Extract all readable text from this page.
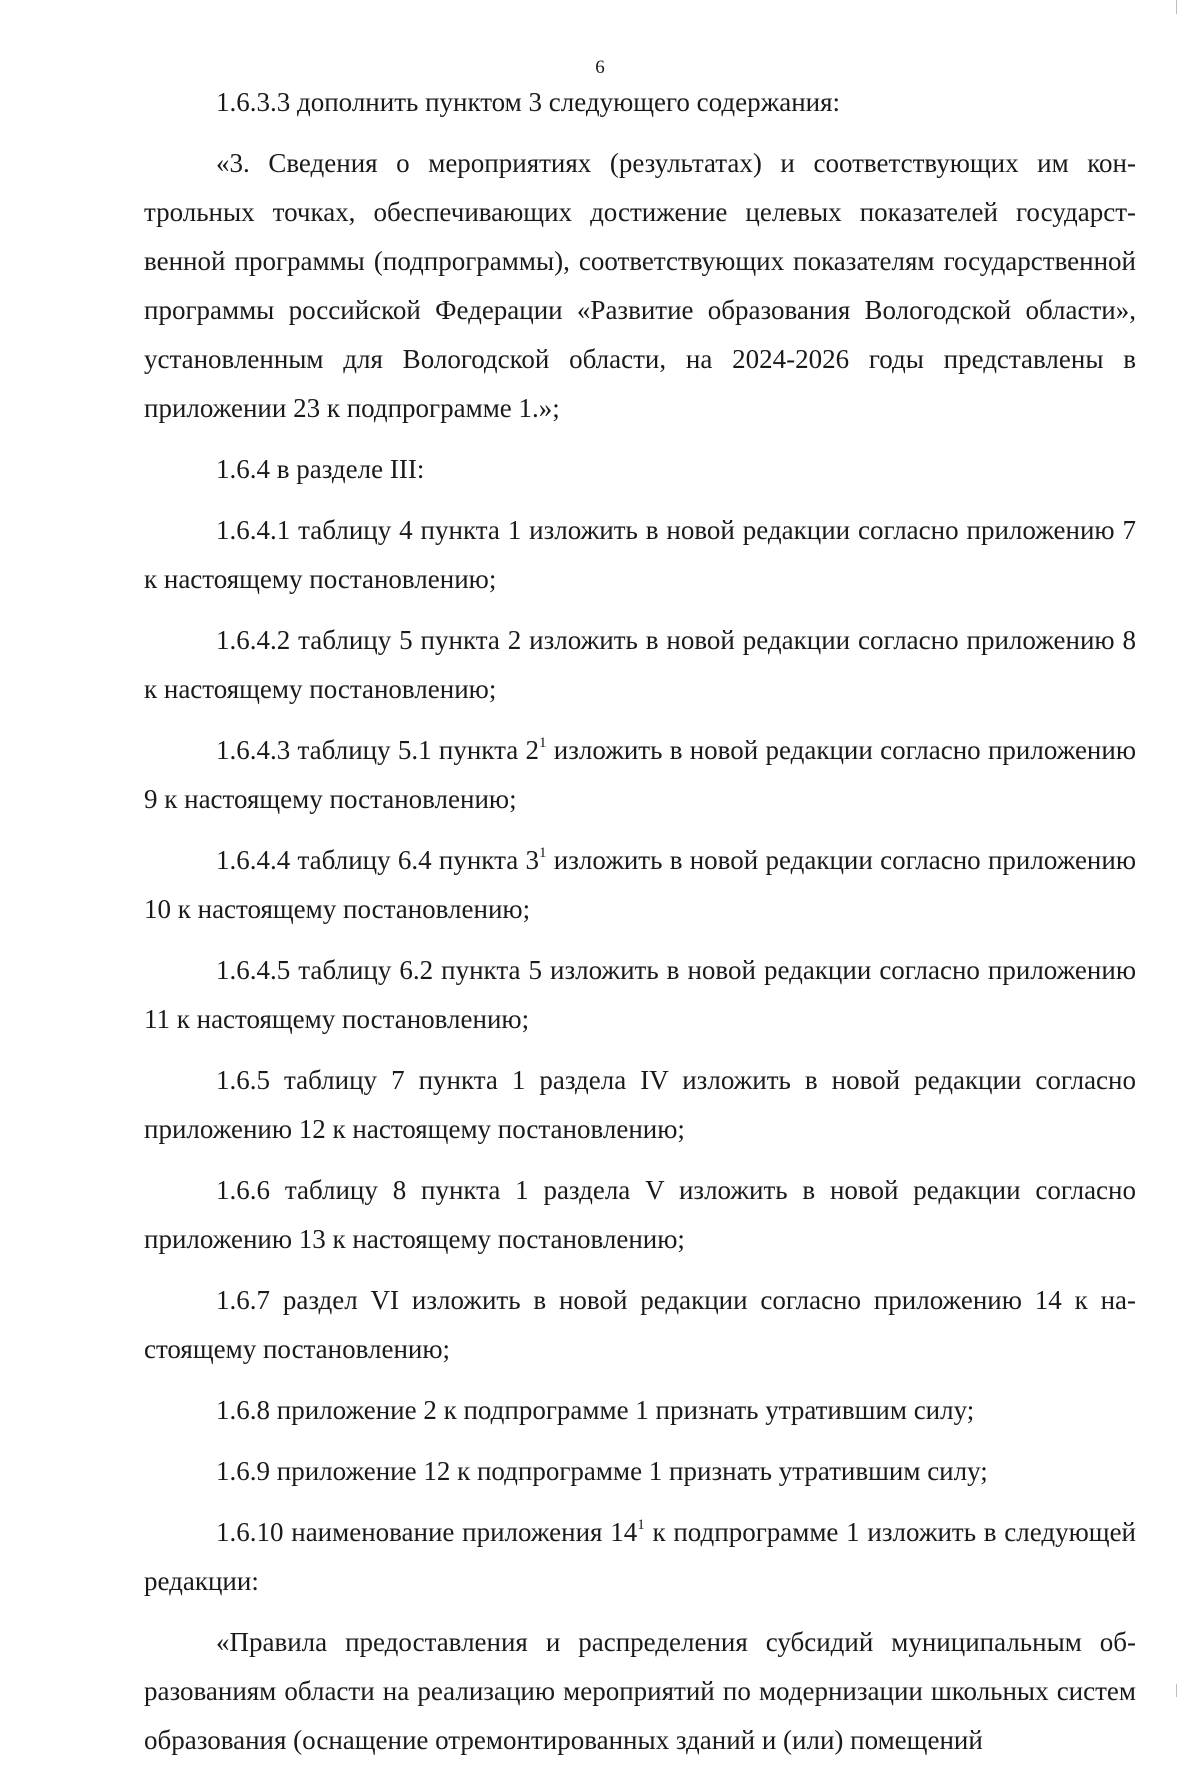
6

1.6.3.3 дополнить пунктом 3 следующего содержания:

«3. Сведения о мероприятиях (результатах) и соответствующих им контрольных точках, обеспечивающих достижение целевых показателей государственной программы (подпрограммы), соответствующих показателям государственной программы российской Федерации «Развитие образования Вологодской области», установленным для Вологодской области, на 2024-2026 годы представлены в приложении 23 к подпрограмме 1.»;

1.6.4 в разделе III:

1.6.4.1 таблицу 4 пункта 1 изложить в новой редакции согласно приложению 7 к настоящему постановлению;

1.6.4.2 таблицу 5 пункта 2 изложить в новой редакции согласно приложению 8 к настоящему постановлению;

1.6.4.3 таблицу 5.1 пункта $2^1$ изложить в новой редакции согласно приложению 9 к настоящему постановлению;

1.6.4.4 таблицу 6.4 пункта $3^1$ изложить в новой редакции согласно приложению 10 к настоящему постановлению;

1.6.4.5 таблицу 6.2 пункта 5 изложить в новой редакции согласно приложению 11 к настоящему постановлению;

1.6.5 таблицу 7 пункта 1 раздела IV изложить в новой редакции согласно приложению 12 к настоящему постановлению;

1.6.6 таблицу 8 пункта 1 раздела V изложить в новой редакции согласно приложению 13 к настоящему постановлению;

1.6.7 раздел VI изложить в новой редакции согласно приложению 14 к настоящему постановлению;

1.6.8 приложение 2 к подпрограмме 1 признать утратившим силу;

1.6.9 приложение 12 к подпрограмме 1 признать утратившим силу;

1.6.10 наименование приложения $14^1$ к подпрограмме 1 изложить в следующей редакции:

«Правила предоставления и распределения субсидий муниципальным образованиям области на реализацию мероприятий по модернизации школьных систем образования (оснащение отремонтированных зданий и (или) помещений
